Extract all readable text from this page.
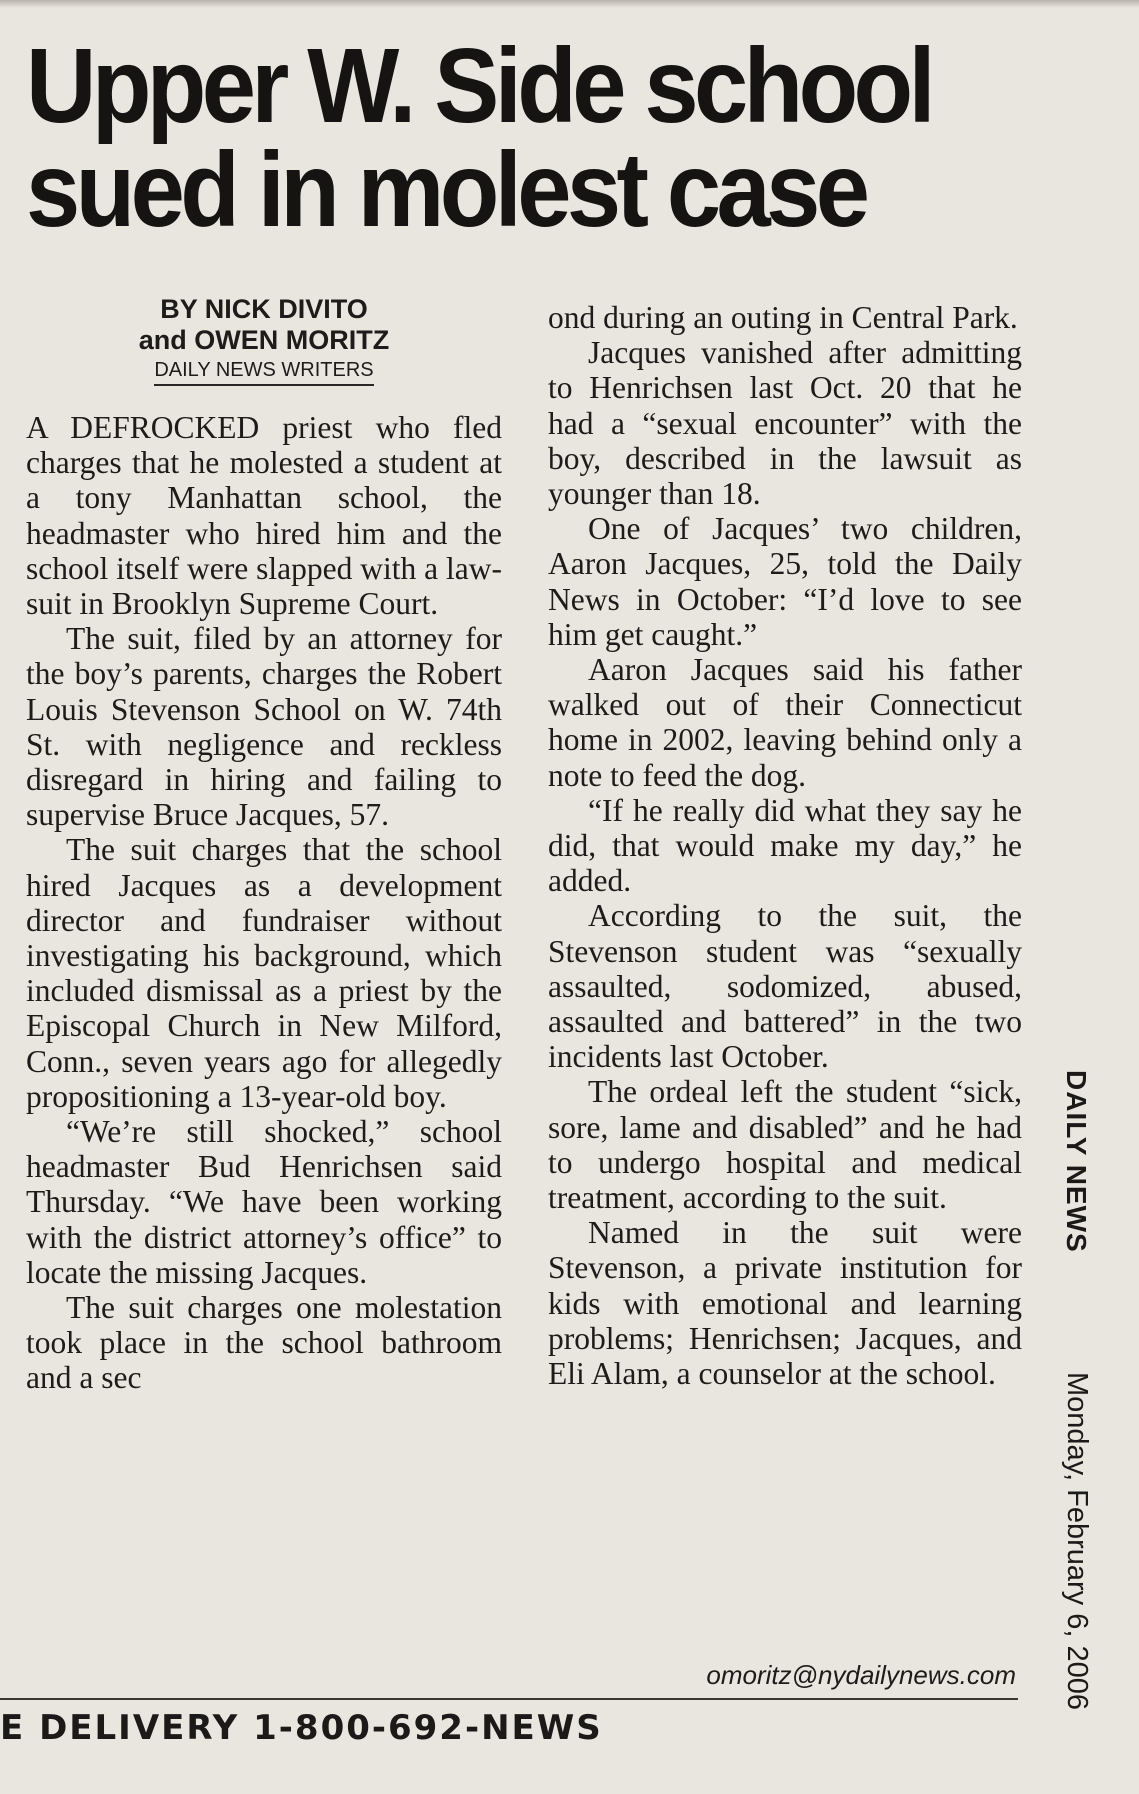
Upper W. Side school sued in molest case
BY NICK DIVITO
and OWEN MORITZ
DAILY NEWS WRITERS

A DEFROCKED priest who fled charges that he molested a student at a tony Manhattan school, the headmaster who hired him and the school itself were slapped with a lawsuit in Brooklyn Supreme Court.

The suit, filed by an attorney for the boy’s parents, charges the Robert Louis Stevenson School on W. 74th St. with negligence and reckless disregard in hiring and failing to supervise Bruce Jacques, 57.

The suit charges that the school hired Jacques as a development director and fundraiser without investigating his background, which included dismissal as a priest by the Episcopal Church in New Milford, Conn., seven years ago for allegedly propositioning a 13-year-old boy.

“We’re still shocked,” school headmaster Bud Henrichsen said Thursday. “We have been working with the district attorney’s office” to locate the missing Jacques.

The suit charges one molestation took place in the school bathroom and a sec

ond during an outing in Central Park.

Jacques vanished after admitting to Henrichsen last Oct. 20 that he had a “sexual encounter” with the boy, described in the lawsuit as younger than 18.

One of Jacques’ two children, Aaron Jacques, 25, told the Daily News in October: “I’d love to see him get caught.”

Aaron Jacques said his father walked out of their Connecticut home in 2002, leaving behind only a note to feed the dog.

“If he really did what they say he did, that would make my day,” he added.

According to the suit, the Stevenson student was “sexually assaulted, sodomized, abused, assaulted and battered” in the two incidents last October.

The ordeal left the student “sick, sore, lame and disabled” and he had to undergo hospital and medical treatment, according to the suit.

Named in the suit were Stevenson, a private institution for kids with emotional and learning problems; Henrichsen; Jacques, and Eli Alam, a counselor at the school.

omoritz@nydailynews.com
E DELIVERY 1-800-692-NEWS
DAILY NEWS
Monday, February 6, 2006
